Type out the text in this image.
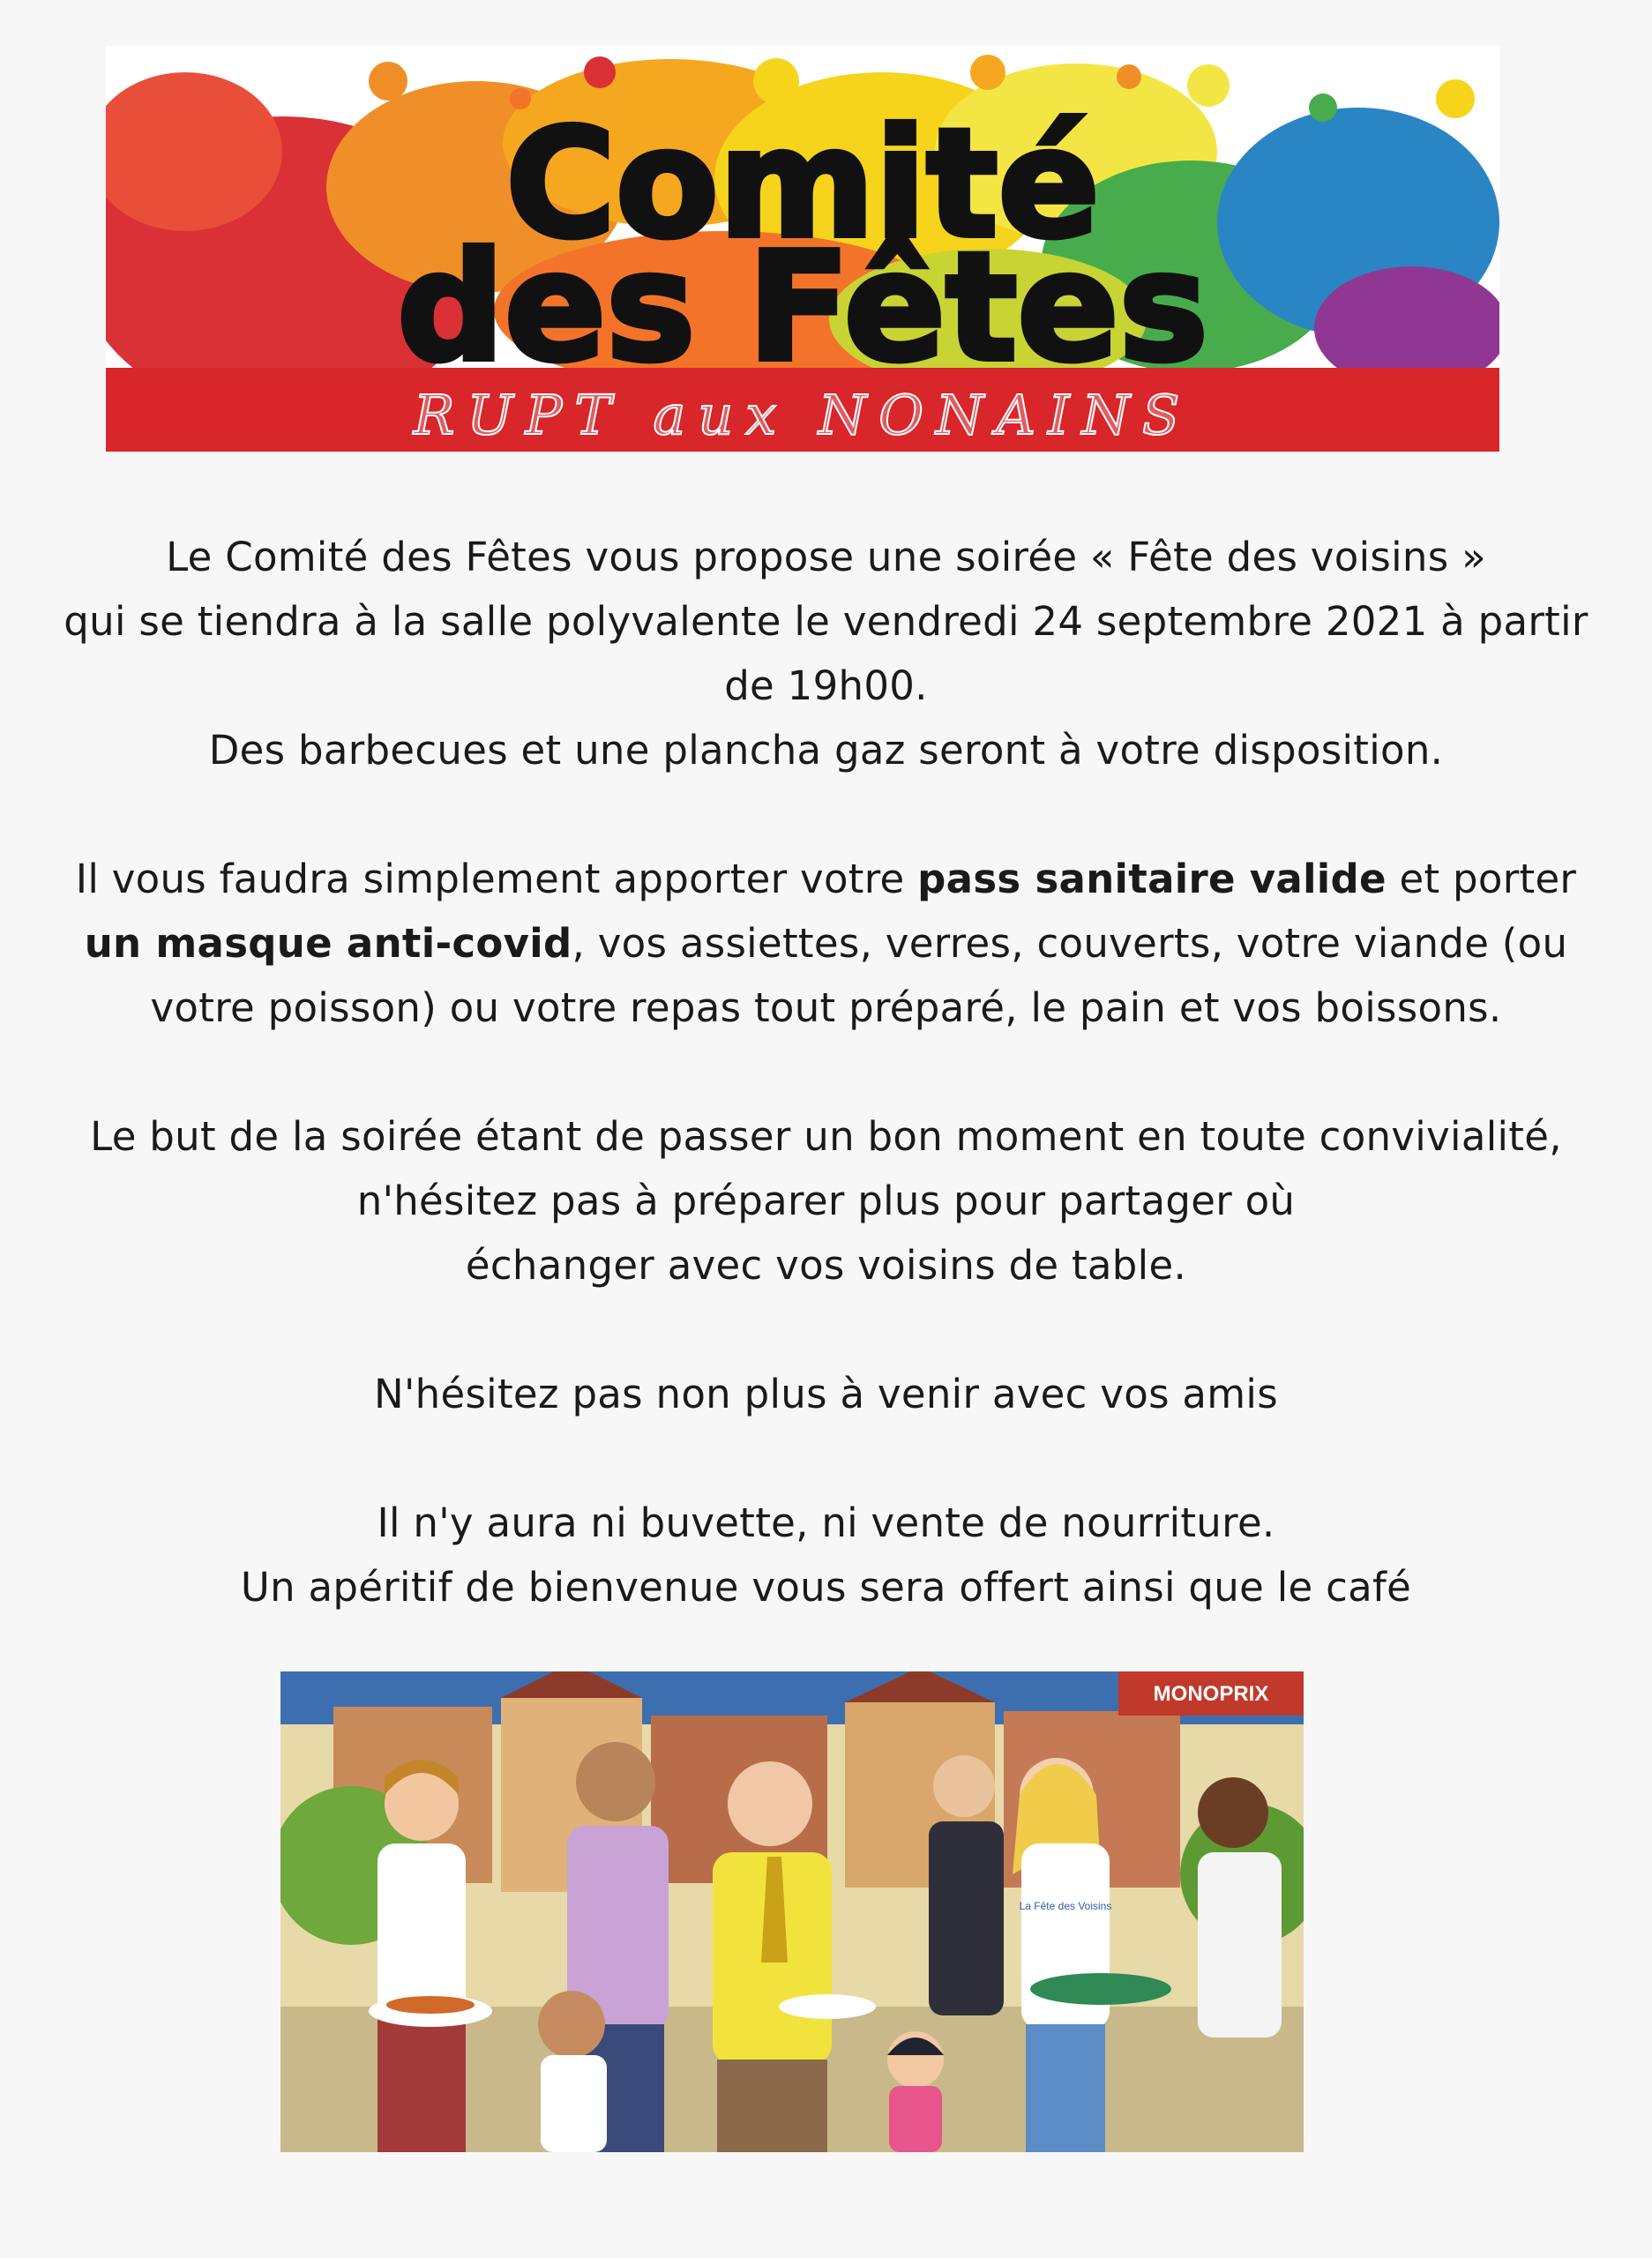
Comité
des Fêtes
RUPT aux NONAINS

Le Comité des Fêtes vous propose une soirée « Fête des voisins »

qui se tiendra à la salle polyvalente le vendredi 24 septembre 2021 à partir

de 19h00.

Des barbecues et une plancha gaz seront à votre disposition.

Il vous faudra simplement apporter votre pass sanitaire valide et porter

un masque anti-covid, vos assiettes, verres, couverts, votre viande (ou

votre poisson) ou votre repas tout préparé, le pain et vos boissons.

Le but de la soirée étant de passer un bon moment en toute convivialité,

n'hésitez pas à préparer plus pour partager où

échanger avec vos voisins de table.

N'hésitez pas non plus à venir avec vos amis

Il n'y aura ni buvette, ni vente de nourriture.

Un apéritif de bienvenue vous sera offert ainsi que le café

MONOPRIX
La Fête des Voisins
